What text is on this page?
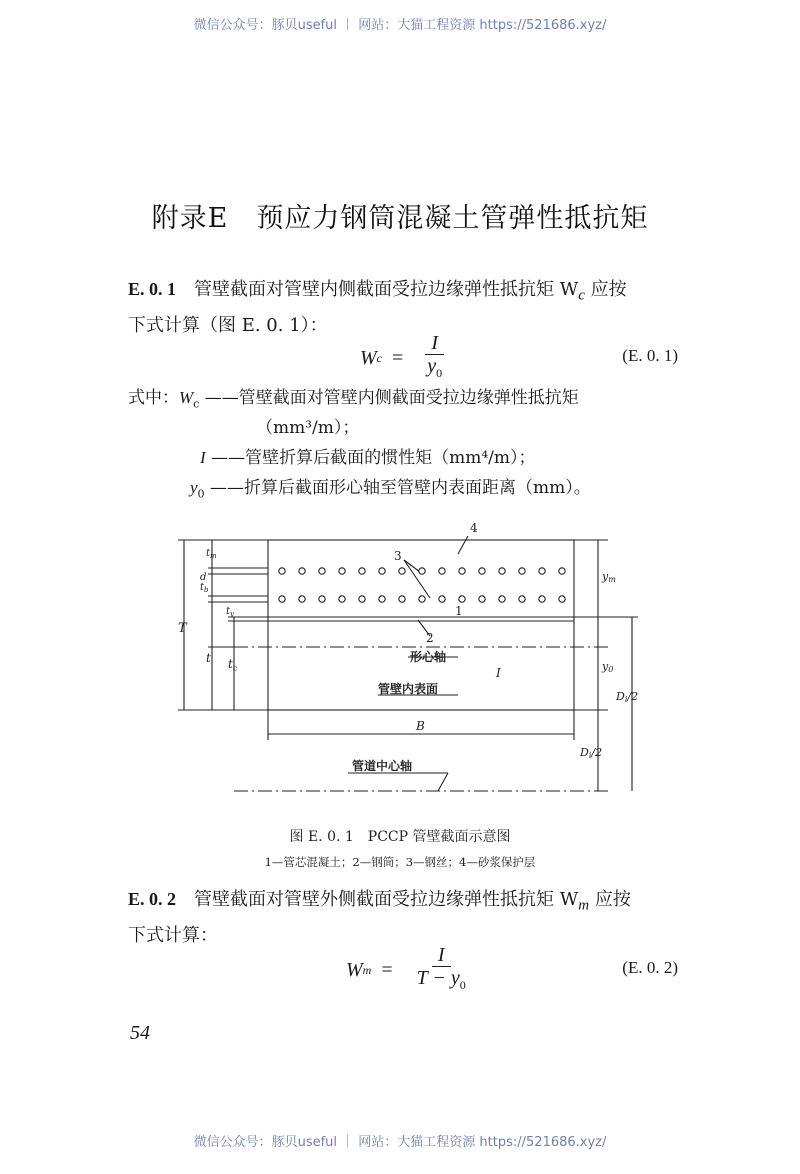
微信公众号：豚贝useful ｜ 网站：大猫工程资源 https://521686.xyz/
附录E　预应力钢筒混凝土管弹性抵抗矩
E. 0. 1 管壁截面对管壁内侧截面受拉边缘弹性抵抗矩 $W_c$ 应按
下式计算（图 E. 0. 1）：
W $c = \frac{I}{y_0}$	(E. 0. 1)
式中：$W_c$ ——管壁截面对管壁内侧截面受拉边缘弹性抵抗矩
（mm³/m）；
I ——管壁折算后截面的惯性矩（mm⁴/m）；
$y_0$ ——折算后截面形心轴至管壁内表面距离（mm）。
4
3
1
2
形心轴
管壁内表面
管道中心轴
B
I
T
t $t_c$
$t_m$
d
$t_b$
$t_y$
ym
y0
Di/2
Di/2
图 E. 0. 1　PCCP 管壁截面示意图
1—管芯混凝土；2—钢筒；3—钢丝；4—砂浆保护层
E. 0. 2 管壁截面对管壁外侧截面受拉边缘弹性抵抗矩 $W_m$ 应按
下式计算：
W $m = \frac{I}{T - y_0}$	(E. 0. 2)
54
微信公众号：豚贝useful ｜ 网站：大猫工程资源 https://521686.xyz/
